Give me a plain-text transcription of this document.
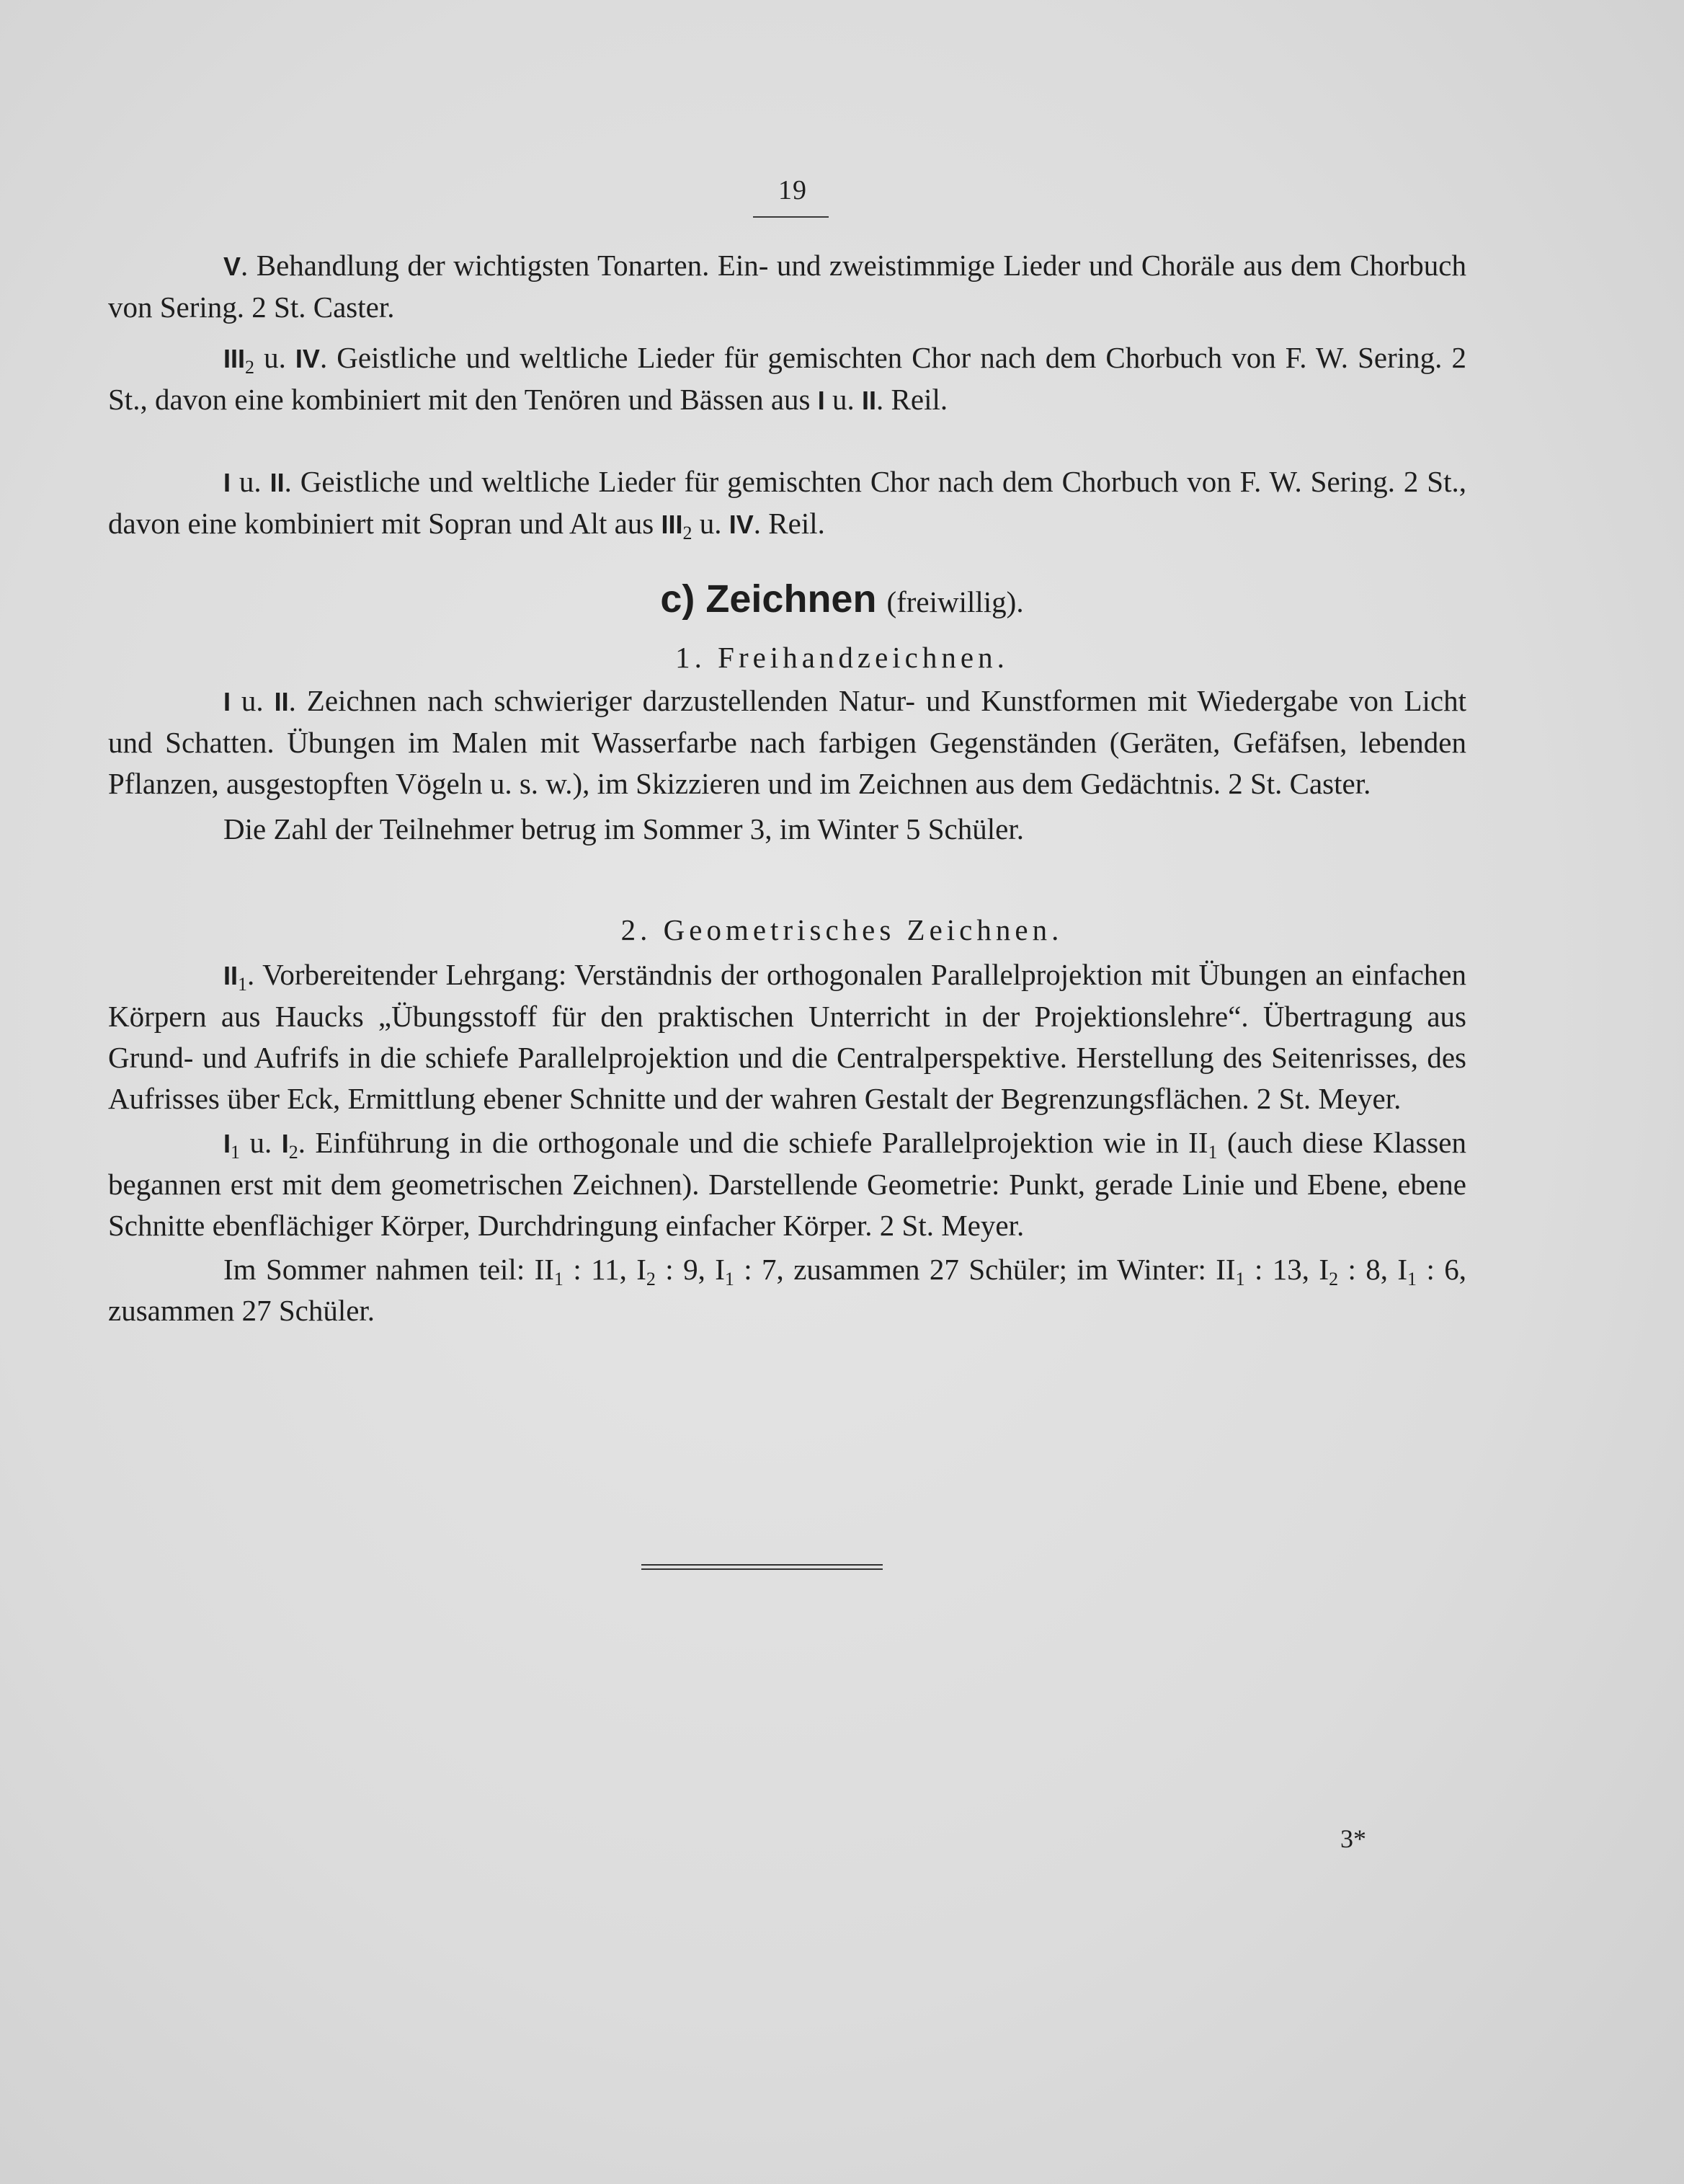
19

V. Behandlung der wichtigsten Tonarten. Ein- und zweistimmige Lieder und Choräle aus dem Chorbuch von Sering. 2 St. Caster.

$III_2$ u. IV. Geistliche und weltliche Lieder für gemischten Chor nach dem Chorbuch von F. W. Sering. 2 St., davon eine kombiniert mit den Tenören und Bässen aus I u. II. Reil.

I u. II. Geistliche und weltliche Lieder für gemischten Chor nach dem Chorbuch von F. W. Sering. 2 St., davon eine kombiniert mit Sopran und Alt aus $III_2$ u. IV. Reil.

c) Zeichnen (freiwillig).
1. Freihandzeichnen.

I u. II. Zeichnen nach schwieriger darzustellenden Natur- und Kunstformen mit Wiedergabe von Licht und Schatten. Übungen im Malen mit Wasserfarbe nach farbigen Gegenständen (Geräten, Gefäfsen, lebenden Pflanzen, ausgestopften Vögeln u. s. w.), im Skizzieren und im Zeichnen aus dem Gedächtnis. 2 St. Caster.

Die Zahl der Teilnehmer betrug im Sommer 3, im Winter 5 Schüler.

2. Geometrisches Zeichnen.

$II_1$. Vorbereitender Lehrgang: Verständnis der orthogonalen Parallelprojektion mit Übungen an einfachen Körpern aus Haucks „Übungsstoff für den praktischen Unterricht in der Projektionslehre“. Übertragung aus Grund- und Aufrifs in die schiefe Parallelprojektion und die Centralperspektive. Herstellung des Seitenrisses, des Aufrisses über Eck, Ermittlung ebener Schnitte und der wahren Gestalt der Begrenzungsflächen. 2 St. Meyer.

$I_1$ u. $I_2$. Einführung in die orthogonale und die schiefe Parallelprojektion wie in $II_1$ (auch diese Klassen begannen erst mit dem geometrischen Zeichnen). Darstellende Geometrie: Punkt, gerade Linie und Ebene, ebene Schnitte ebenflächiger Körper, Durchdringung einfacher Körper. 2 St. Meyer.

Im Sommer nahmen teil: $II_1$ : 11, $I_2$ : 9, $I_1$ : 7, zusammen 27 Schüler; im Winter: $II_1$ : 13, $I_2$ : 8, $I_1$ : 6, zusammen 27 Schüler.

3*
